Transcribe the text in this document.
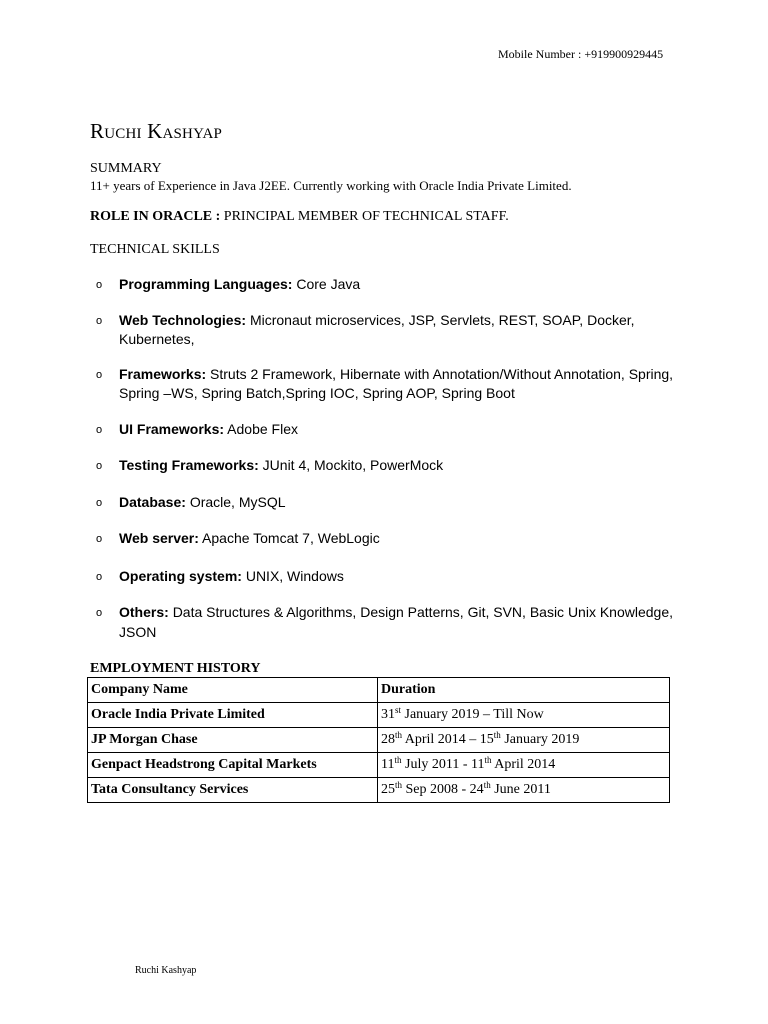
Mobile Number : +919900929445
Ruchi Kashyap
SUMMARY
11+ years of Experience in Java J2EE. Currently working with Oracle India Private Limited.
ROLE IN ORACLE : PRINCIPAL MEMBER OF TECHNICAL STAFF.
TECHNICAL SKILLS
o Programming Languages: Core Java
o Web Technologies: Micronaut microservices, JSP, Servlets, REST, SOAP, Docker, Kubernetes,
o Frameworks: Struts 2 Framework, Hibernate with Annotation/Without Annotation, Spring, Spring –WS, Spring Batch,Spring IOC, Spring AOP, Spring Boot
o UI Frameworks: Adobe Flex
o Testing Frameworks: JUnit 4, Mockito, PowerMock
o Database: Oracle, MySQL
o Web server: Apache Tomcat 7, WebLogic
o Operating system: UNIX, Windows
o Others: Data Structures & Algorithms, Design Patterns, Git, SVN, Basic Unix Knowledge, JSON
EMPLOYMENT HISTORY
Company Name	Duration
Oracle India Private Limited	31st January 2019 – Till Now
JP Morgan Chase	28th April 2014 – 15th January 2019
Genpact Headstrong Capital Markets	11th July 2011 - 11th April 2014
Tata Consultancy Services	25th Sep 2008 - 24th June 2011
Ruchi Kashyap
